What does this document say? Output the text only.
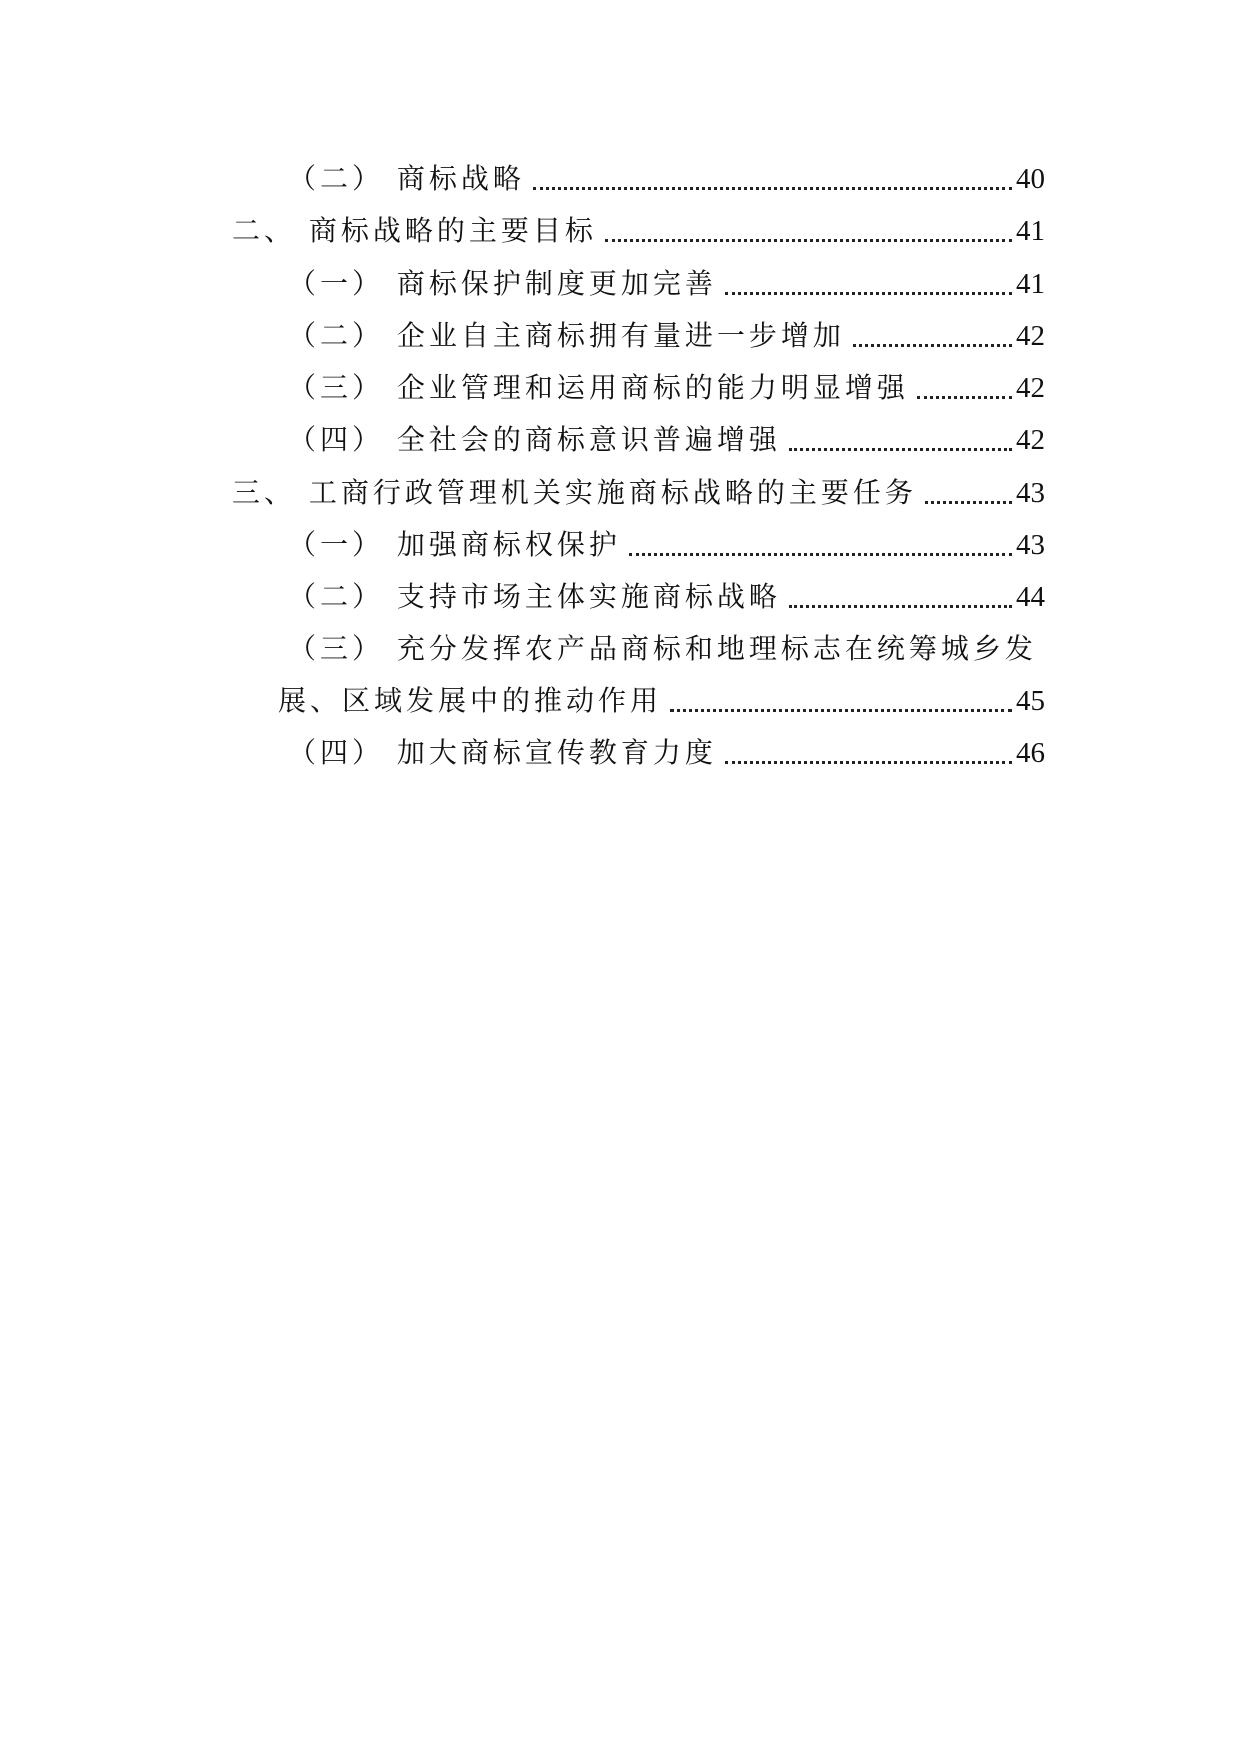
（二） 商标战略	40
二、 商标战略的主要目标	41
（一） 商标保护制度更加完善	41
（二） 企业自主商标拥有量进一步增加	42
（三） 企业管理和运用商标的能力明显增强	42
（四） 全社会的商标意识普遍增强	42
三、 工商行政管理机关实施商标战略的主要任务	43
（一） 加强商标权保护	43
（二） 支持市场主体实施商标战略	44
（三） 充分发挥农产品商标和地理标志在统筹城乡发
展、区域发展中的推动作用	45
（四） 加大商标宣传教育力度	46
